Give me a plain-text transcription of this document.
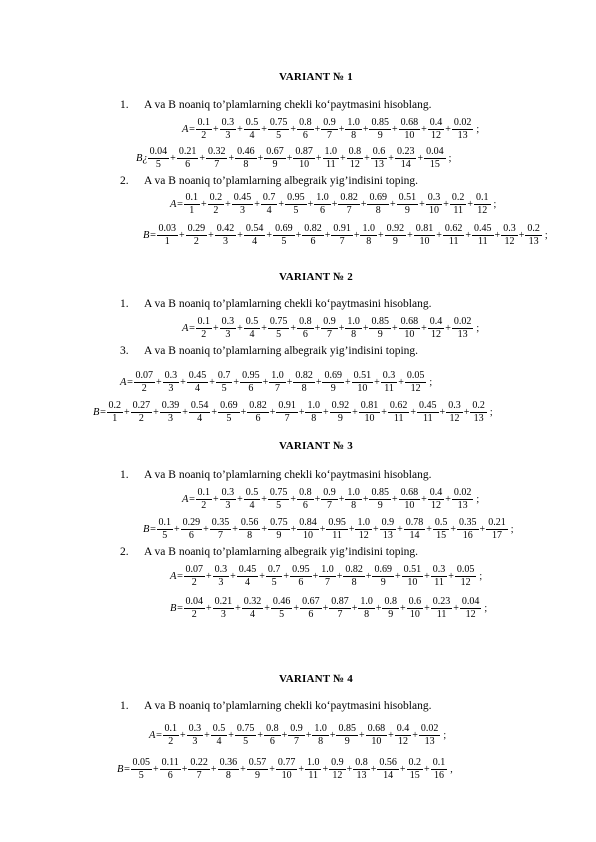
VARIANT № 1
1.	A va B noaniq to’plamlarning chekli ko‘paytmasini hisoblang.
$A= \frac{0.1}{2} + \frac{0.3}{3} + \frac{0.5}{4} + \frac{0.75}{5} + \frac{0.8}{6} + \frac{0.9}{7} + \frac{1.0}{8} + \frac{0.85}{9} + \frac{0.68}{10} + \frac{0.4}{12} + \frac{0.02}{13}$ ;
B¿ $\frac{0.04}{5} + \frac{0.21}{6} + \frac{0.32}{7} + \frac{0.46}{8} + \frac{0.67}{9} + \frac{0.87}{10} + \frac{1.0}{11} + \frac{0.8}{12} + \frac{0.6}{13} + \frac{0.23}{14} + \frac{0.04}{15}$ ;
2.	A va B noaniq to’plamlarning albegraik yig’indisini toping.
$A= \frac{0.1}{1} + \frac{0.2}{2} + \frac{0.45}{3} + \frac{0.7}{4} + \frac{0.95}{5} + \frac{1.0}{6} + \frac{0.82}{7} + \frac{0.69}{8} + \frac{0.51}{9} + \frac{0.3}{10} + \frac{0.2}{11} + \frac{0.1}{12}$ ;
$B= \frac{0.03}{1} + \frac{0.29}{2} + \frac{0.42}{3} + \frac{0.54}{4} + \frac{0.69}{5} + \frac{0.82}{6} + \frac{0.91}{7} + \frac{1.0}{8} + \frac{0.92}{9} + \frac{0.81}{10} + \frac{0.62}{11} + \frac{0.45}{11} + \frac{0.3}{12} + \frac{0.2}{13}$ ;
VARIANT № 2
1.	A va B noaniq to’plamlarning chekli ko‘paytmasini hisoblang.
$A= \frac{0.1}{2} + \frac{0.3}{3} + \frac{0.5}{4} + \frac{0.75}{5} + \frac{0.8}{6} + \frac{0.9}{7} + \frac{1.0}{8} + \frac{0.85}{9} + \frac{0.68}{10} + \frac{0.4}{12} + \frac{0.02}{13}$ ;
3.	A va B noaniq to’plamlarning albegraik yig’indisini toping.
$A= \frac{0.07}{2} + \frac{0.3}{3} + \frac{0.45}{4} + \frac{0.7}{5} + \frac{0.95}{6} + \frac{1.0}{7} + \frac{0.82}{8} + \frac{0.69}{9} + \frac{0.51}{10} + \frac{0.3}{11} + \frac{0.05}{12}$ ;
$B= \frac{0.2}{1} + \frac{0.27}{2} + \frac{0.39}{3} + \frac{0.54}{4} + \frac{0.69}{5} + \frac{0.82}{6} + \frac{0.91}{7} + \frac{1.0}{8} + \frac{0.92}{9} + \frac{0.81}{10} + \frac{0.62}{11} + \frac{0.45}{11} + \frac{0.3}{12} + \frac{0.2}{13}$ ;
VARIANT № 3
1.	A va B noaniq to’plamlarning chekli ko‘paytmasini hisoblang.
$A= \frac{0.1}{2} + \frac{0.3}{3} + \frac{0.5}{4} + \frac{0.75}{5} + \frac{0.8}{6} + \frac{0.9}{7} + \frac{1.0}{8} + \frac{0.85}{9} + \frac{0.68}{10} + \frac{0.4}{12} + \frac{0.02}{13}$ ;
$B= \frac{0.1}{5} + \frac{0.29}{6} + \frac{0.35}{7} + \frac{0.56}{8} + \frac{0.75}{9} + \frac{0.84}{10} + \frac{0.95}{11} + \frac{1.0}{12} + \frac{0.9}{13} + \frac{0.78}{14} + \frac{0.5}{15} + \frac{0.35}{16} + \frac{0.21}{17}$ ;
2.	A va B noaniq to’plamlarning albegraik yig’indisini toping.
$A= \frac{0.07}{2} + \frac{0.3}{3} + \frac{0.45}{4} + \frac{0.7}{5} + \frac{0.95}{6} + \frac{1.0}{7} + \frac{0.82}{8} + \frac{0.69}{9} + \frac{0.51}{10} + \frac{0.3}{11} + \frac{0.05}{12}$ ;
$B= \frac{0.04}{2} + \frac{0.21}{3} + \frac{0.32}{4} + \frac{0.46}{5} + \frac{0.67}{6} + \frac{0.87}{7} + \frac{1.0}{8} + \frac{0.8}{9} + \frac{0.6}{10} + \frac{0.23}{11} + \frac{0.04}{12}$ ;
VARIANT № 4
1.	A va B noaniq to’plamlarning chekli ko‘paytmasini hisoblang.
$A= \frac{0.1}{2} + \frac{0.3}{3} + \frac{0.5}{4} + \frac{0.75}{5} + \frac{0.8}{6} + \frac{0.9}{7} + \frac{1.0}{8} + \frac{0.85}{9} + \frac{0.68}{10} + \frac{0.4}{12} + \frac{0.02}{13}$ ;
$B= \frac{0.05}{5} + \frac{0.11}{6} + \frac{0.22}{7} + \frac{0.36}{8} + \frac{0.57}{9} + \frac{0.77}{10} + \frac{1.0}{11} + \frac{0.9}{12} + \frac{0.8}{13} + \frac{0.56}{14} + \frac{0.2}{15} + \frac{0.1}{16}$ ,
